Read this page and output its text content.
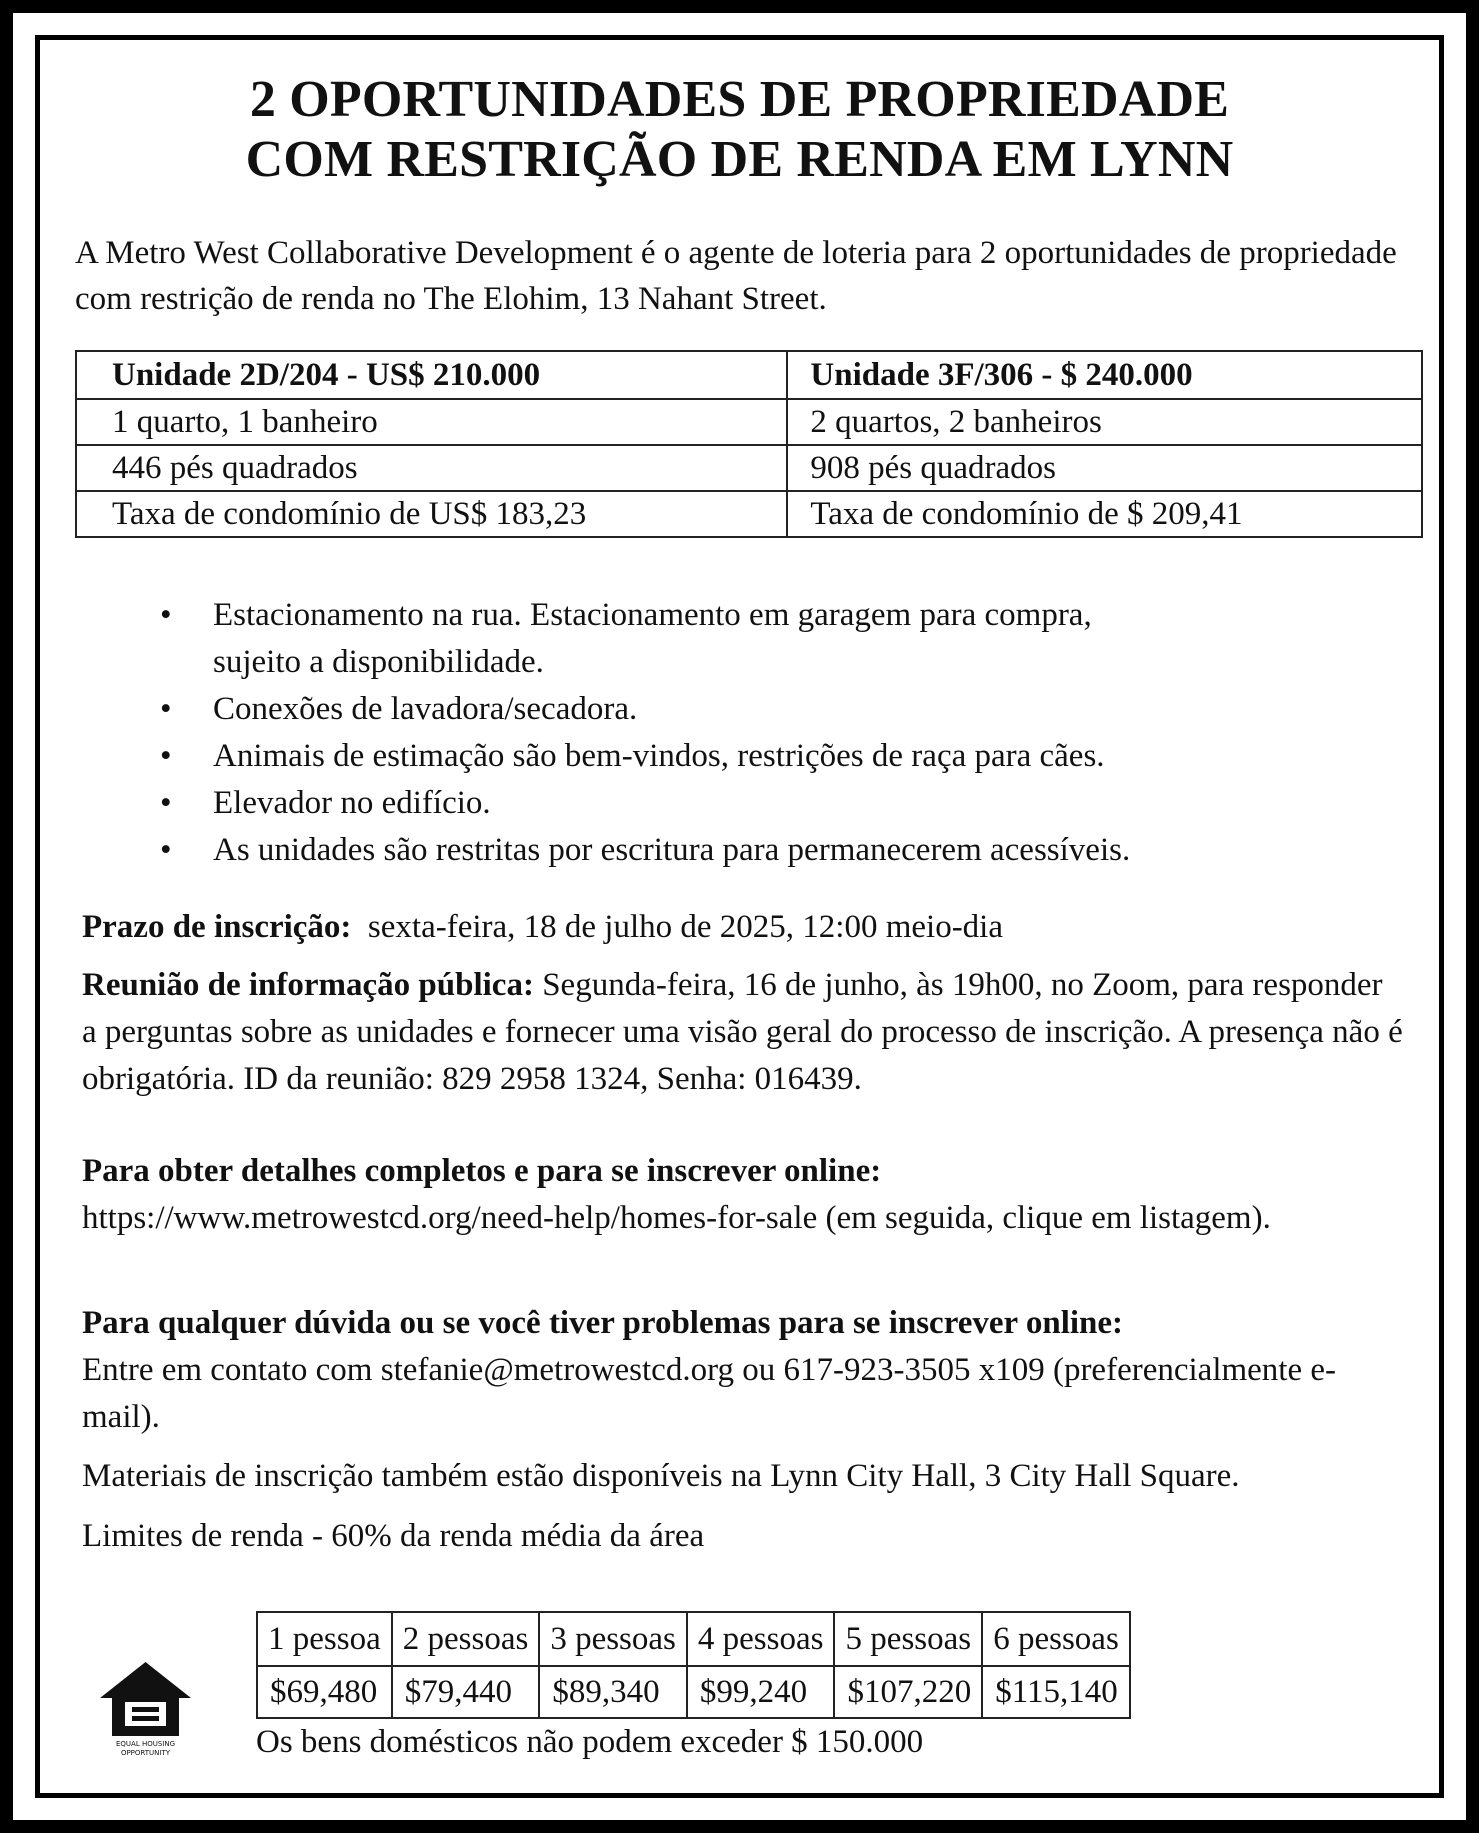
2 OPORTUNIDADES DE PROPRIEDADE
COM RESTRIÇÃO DE RENDA EM LYNN
A Metro West Collaborative Development é o agente de loteria para 2 oportunidades de propriedade com restrição de renda no The Elohim, 13 Nahant Street.
Unidade 2D/204 - US$ 210.000	Unidade 3F/306 - $ 240.000
1 quarto, 1 banheiro	2 quartos, 2 banheiros
446 pés quadrados	908 pés quadrados
Taxa de condomínio de US$ 183,23	Taxa de condomínio de $ 209,41
• Estacionamento na rua. Estacionamento em garagem para compra, sujeito a disponibilidade.
• Conexões de lavadora/secadora.
• Animais de estimação são bem-vindos, restrições de raça para cães.
• Elevador no edifício.
• As unidades são restritas por escritura para permanecerem acessíveis.
Prazo de inscrição: sexta-feira, 18 de julho de 2025, 12:00 meio-dia
Reunião de informação pública: Segunda-feira, 16 de junho, às 19h00, no Zoom, para responder a perguntas sobre as unidades e fornecer uma visão geral do processo de inscrição. A presença não é obrigatória. ID da reunião: 829 2958 1324, Senha: 016439.
Para obter detalhes completos e para se inscrever online:
https://www.metrowestcd.org/need-help/homes-for-sale (em seguida, clique em listagem).
Para qualquer dúvida ou se você tiver problemas para se inscrever online:
Entre em contato com stefanie@metrowestcd.org ou 617-923-3505 x109 (preferencialmente e-mail).
Materiais de inscrição também estão disponíveis na Lynn City Hall, 3 City Hall Square.
Limites de renda - 60% da renda média da área
1 pessoa	2 pessoas	3 pessoas	4 pessoas	5 pessoas	6 pessoas
$69,480	$79,440	$89,340	$99,240	$107,220	$115,140
Os bens domésticos não podem exceder $ 150.000
EQUAL HOUSING
OPPORTUNITY
